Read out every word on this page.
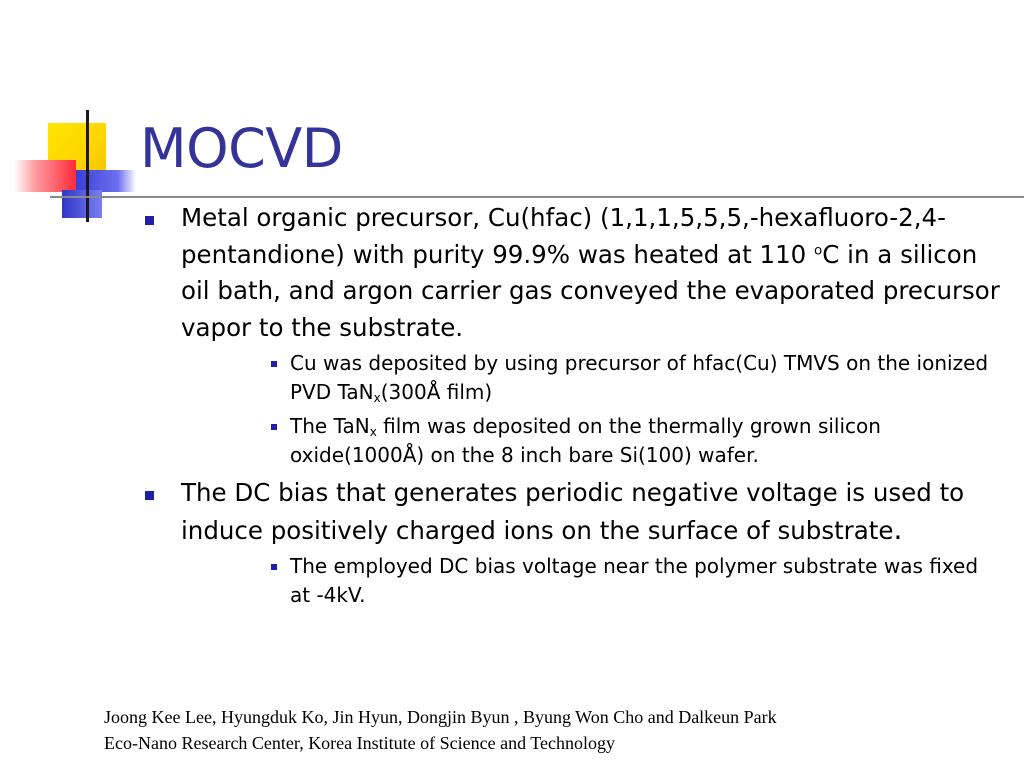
MOCVD
Metal organic precursor, Cu(hfac) (1,1,1,5,5,5,-hexafluoro-2,4- pentandione) with purity 99.9% was heated at 110 $^o$C in a silicon oil bath, and argon carrier gas conveyed the evaporated precursor vapor to the substrate.
Cu was deposited by using precursor of hfac(Cu) TMVS on the ionized PVD TaN$_x$(300Å film)
The TaN$_x$ film was deposited on the thermally grown silicon oxide(1000Å) on the 8 inch bare Si(100) wafer.
The DC bias that generates periodic negative voltage is used to induce positively charged ions on the surface of substrate.
The employed DC bias voltage near the polymer substrate was fixed at -4kV.
Joong Kee Lee, Hyungduk Ko, Jin Hyun, Dongjin Byun , Byung Won Cho and Dalkeun Park
Eco-Nano Research Center, Korea Institute of Science and Technology
